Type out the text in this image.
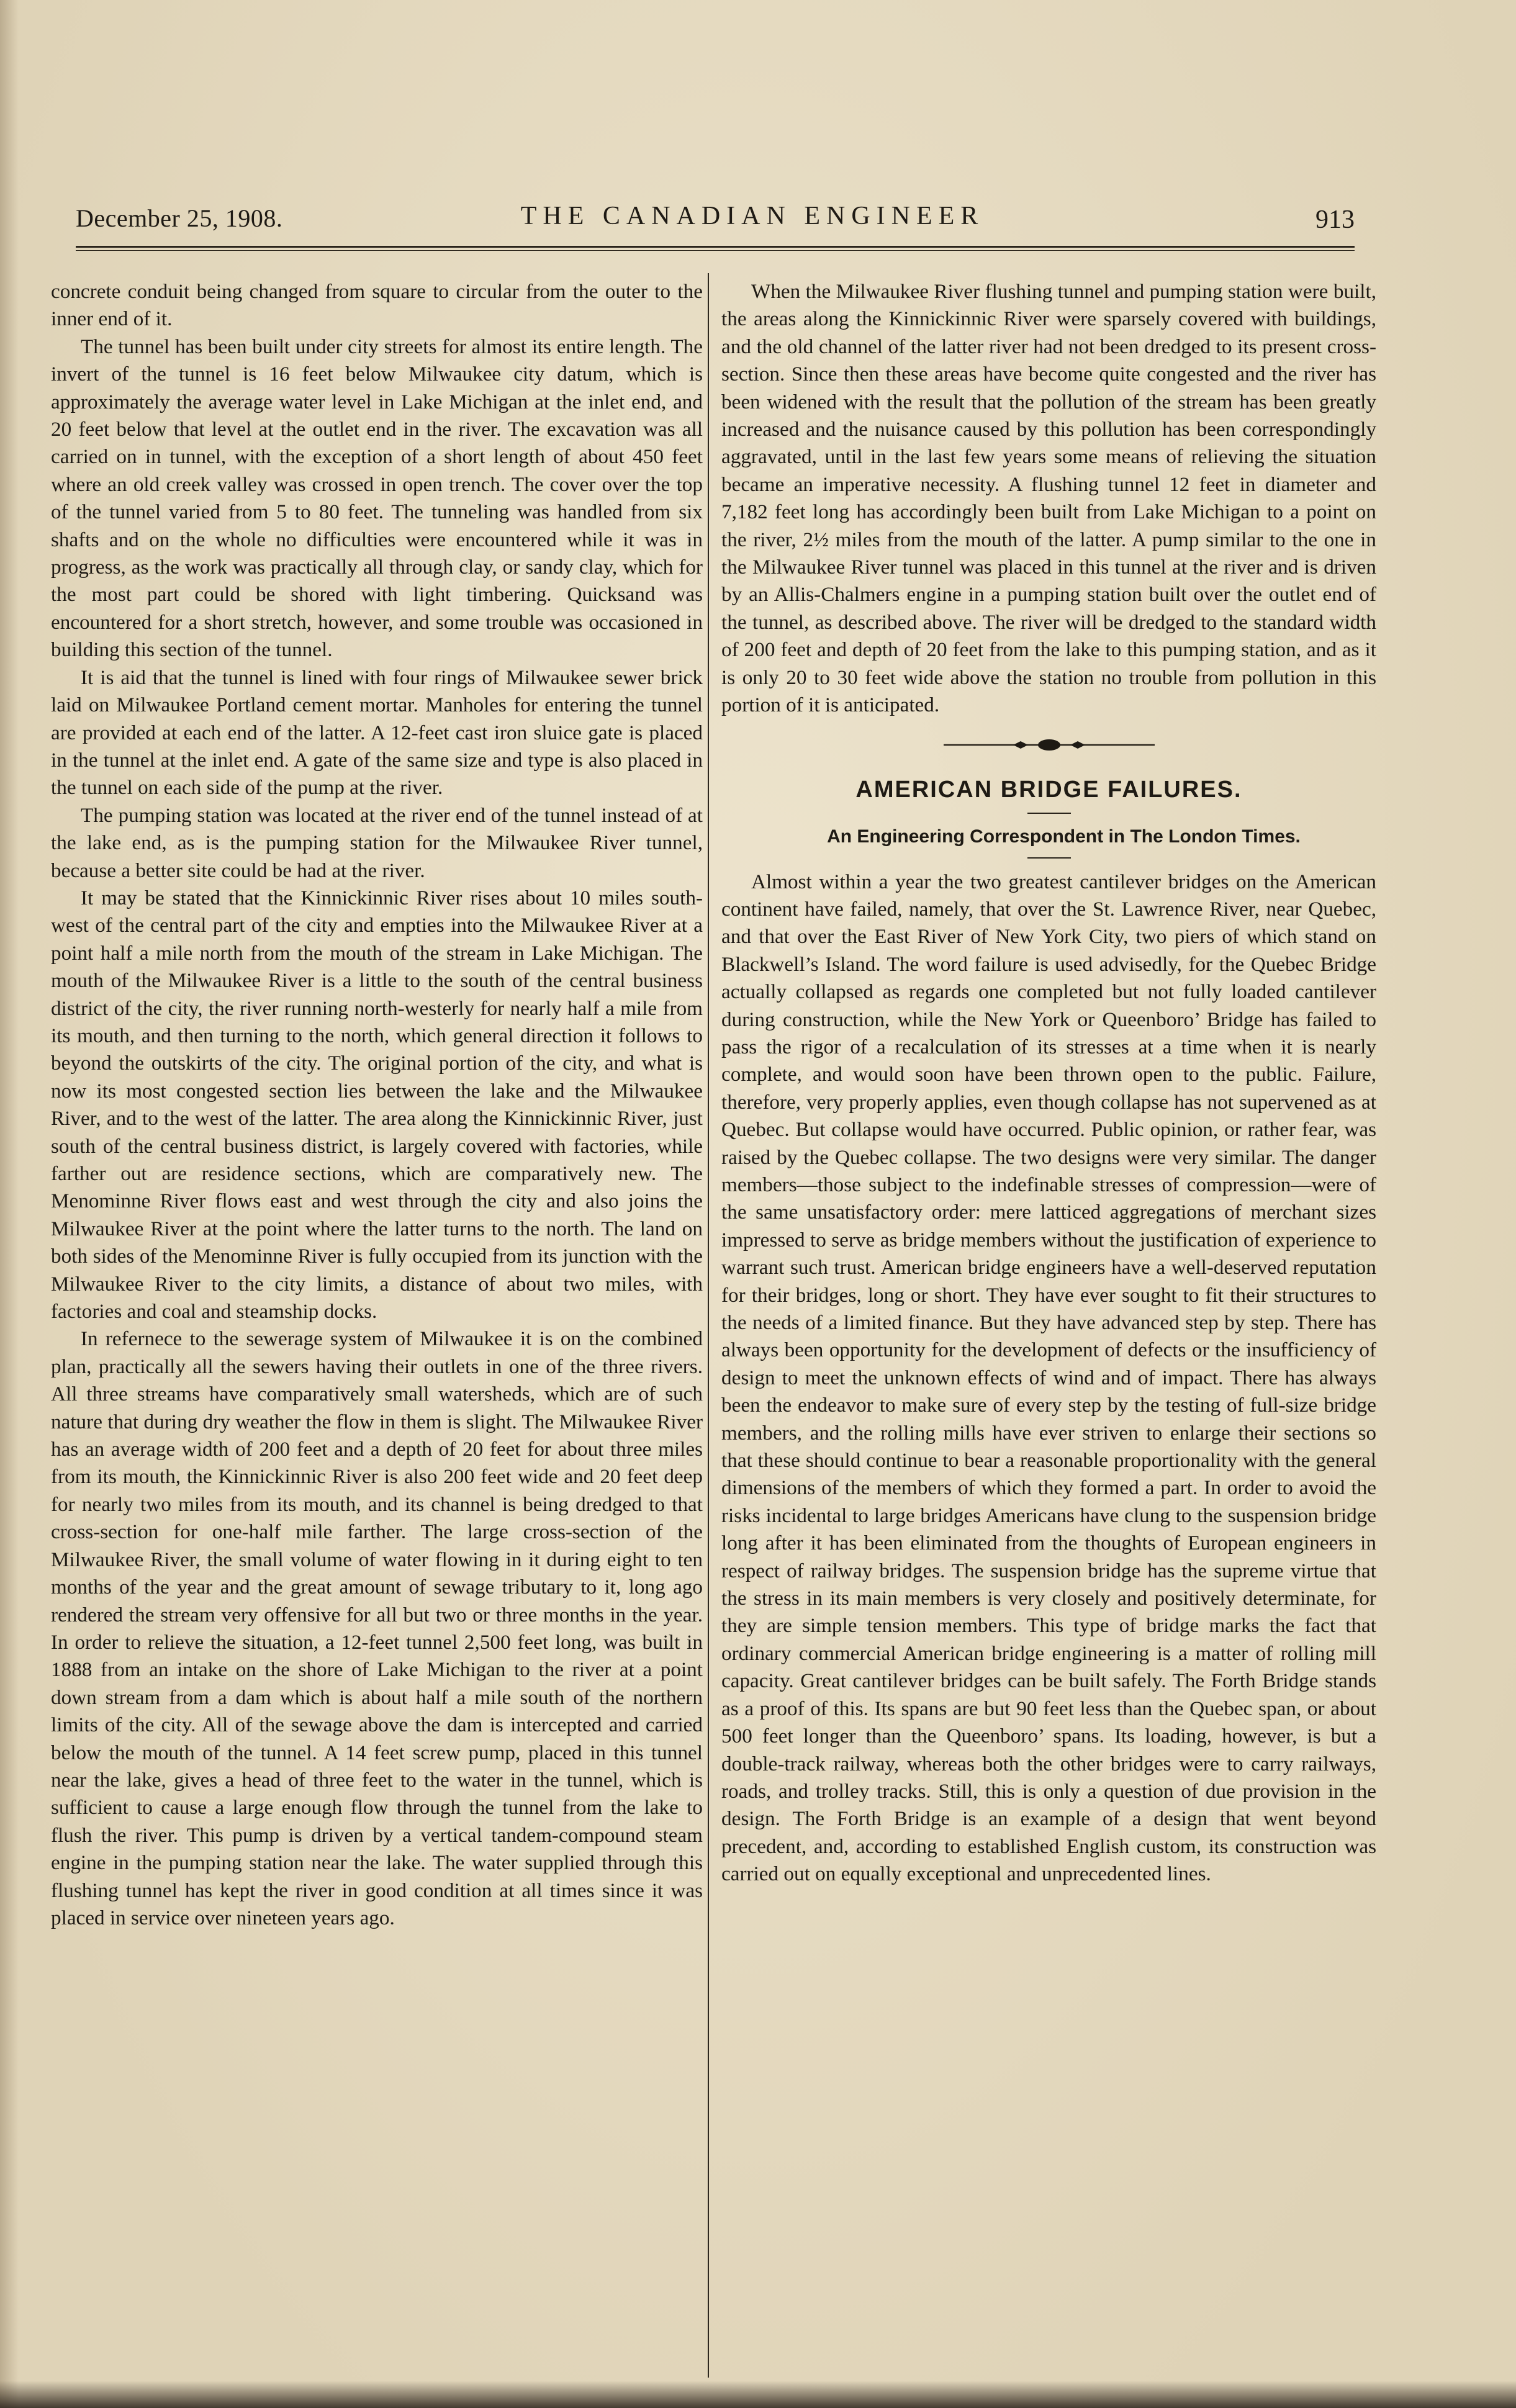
December 25, 1908.	THE CANADIAN ENGINEER	913

concrete conduit being changed from square to circular from the outer to the inner end of it.

The tunnel has been built under city streets for almost its entire length. The invert of the tunnel is 16 feet below Milwaukee city datum, which is approximately the average water level in Lake Michigan at the inlet end, and 20 feet below that level at the outlet end in the river. The excavation was all carried on in tunnel, with the exception of a short length of about 450 feet where an old creek valley was crossed in open trench. The cover over the top of the tunnel varied from 5 to 80 feet. The tunneling was handled from six shafts and on the whole no difficulties were encountered while it was in progress, as the work was practically all through clay, or sandy clay, which for the most part could be shored with light timbering. Quicksand was encountered for a short stretch, however, and some trouble was occasioned in building this section of the tunnel.

It is aid that the tunnel is lined with four rings of Milwaukee sewer brick laid on Milwaukee Portland cement mortar. Manholes for entering the tunnel are provided at each end of the latter. A 12-feet cast iron sluice gate is placed in the tunnel at the inlet end. A gate of the same size and type is also placed in the tunnel on each side of the pump at the river.

The pumping station was located at the river end of the tunnel instead of at the lake end, as is the pumping station for the Milwaukee River tunnel, because a better site could be had at the river.

It may be stated that the Kinnickinnic River rises about 10 miles south-west of the central part of the city and empties into the Milwaukee River at a point half a mile north from the mouth of the stream in Lake Michigan. The mouth of the Milwaukee River is a little to the south of the central business district of the city, the river running north-westerly for nearly half a mile from its mouth, and then turning to the north, which general direction it follows to beyond the outskirts of the city. The original portion of the city, and what is now its most congested section lies between the lake and the Milwaukee River, and to the west of the latter. The area along the Kinnickinnic River, just south of the central business district, is largely covered with factories, while farther out are residence sections, which are comparatively new. The Menominne River flows east and west through the city and also joins the Milwaukee River at the point where the latter turns to the north. The land on both sides of the Menominne River is fully occupied from its junction with the Milwaukee River to the city limits, a distance of about two miles, with factories and coal and steamship docks.

In refernece to the sewerage system of Milwaukee it is on the combined plan, practically all the sewers having their outlets in one of the three rivers. All three streams have comparatively small watersheds, which are of such nature that during dry weather the flow in them is slight. The Milwaukee River has an average width of 200 feet and a depth of 20 feet for about three miles from its mouth, the Kinnickinnic River is also 200 feet wide and 20 feet deep for nearly two miles from its mouth, and its channel is being dredged to that cross-section for one-half mile farther. The large cross-section of the Milwaukee River, the small volume of water flowing in it during eight to ten months of the year and the great amount of sewage tributary to it, long ago rendered the stream very offensive for all but two or three months in the year. In order to relieve the situation, a 12-feet tunnel 2,500 feet long, was built in 1888 from an intake on the shore of Lake Michigan to the river at a point down stream from a dam which is about half a mile south of the northern limits of the city. All of the sewage above the dam is intercepted and carried below the mouth of the tunnel. A 14 feet screw pump, placed in this tunnel near the lake, gives a head of three feet to the water in the tunnel, which is sufficient to cause a large enough flow through the tunnel from the lake to flush the river. This pump is driven by a vertical tandem-compound steam engine in the pumping station near the lake. The water supplied through this flushing tunnel has kept the river in good condition at all times since it was placed in service over nineteen years ago.

When the Milwaukee River flushing tunnel and pumping station were built, the areas along the Kinnickinnic River were sparsely covered with buildings, and the old channel of the latter river had not been dredged to its present cross-section. Since then these areas have become quite congested and the river has been widened with the result that the pollution of the stream has been greatly increased and the nuisance caused by this pollution has been correspondingly aggravated, until in the last few years some means of relieving the situation became an imperative necessity. A flushing tunnel 12 feet in diameter and 7,182 feet long has accordingly been built from Lake Michigan to a point on the river, 2½ miles from the mouth of the latter. A pump similar to the one in the Milwaukee River tunnel was placed in this tunnel at the river and is driven by an Allis-Chalmers engine in a pumping station built over the outlet end of the tunnel, as described above. The river will be dredged to the standard width of 200 feet and depth of 20 feet from the lake to this pumping station, and as it is only 20 to 30 feet wide above the station no trouble from pollution in this portion of it is anticipated.

AMERICAN BRIDGE FAILURES.

An Engineering Correspondent in The London Times.

Almost within a year the two greatest cantilever bridges on the American continent have failed, namely, that over the St. Lawrence River, near Quebec, and that over the East River of New York City, two piers of which stand on Blackwell’s Island. The word failure is used advisedly, for the Quebec Bridge actually collapsed as regards one completed but not fully loaded cantilever during construction, while the New York or Queenboro’ Bridge has failed to pass the rigor of a recalculation of its stresses at a time when it is nearly complete, and would soon have been thrown open to the public. Failure, therefore, very properly applies, even though collapse has not supervened as at Quebec. But collapse would have occurred. Public opinion, or rather fear, was raised by the Quebec collapse. The two designs were very similar. The danger members—those subject to the indefinable stresses of compression—were of the same unsatisfactory order: mere latticed aggregations of merchant sizes impressed to serve as bridge members without the justification of experience to warrant such trust. American bridge engineers have a well-deserved reputation for their bridges, long or short. They have ever sought to fit their structures to the needs of a limited finance. But they have advanced step by step. There has always been opportunity for the development of defects or the insufficiency of design to meet the unknown effects of wind and of impact. There has always been the endeavor to make sure of every step by the testing of full-size bridge members, and the rolling mills have ever striven to enlarge their sections so that these should continue to bear a reasonable proportionality with the general dimensions of the members of which they formed a part. In order to avoid the risks incidental to large bridges Americans have clung to the suspension bridge long after it has been eliminated from the thoughts of European engineers in respect of railway bridges. The suspension bridge has the supreme virtue that the stress in its main members is very closely and positively determinate, for they are simple tension members. This type of bridge marks the fact that ordinary commercial American bridge engineering is a matter of rolling mill capacity. Great cantilever bridges can be built safely. The Forth Bridge stands as a proof of this. Its spans are but 90 feet less than the Quebec span, or about 500 feet longer than the Queenboro’ spans. Its loading, however, is but a double-track railway, whereas both the other bridges were to carry railways, roads, and trolley tracks. Still, this is only a question of due provision in the design. The Forth Bridge is an example of a design that went beyond precedent, and, according to established English custom, its construction was carried out on equally exceptional and unprecedented lines.
